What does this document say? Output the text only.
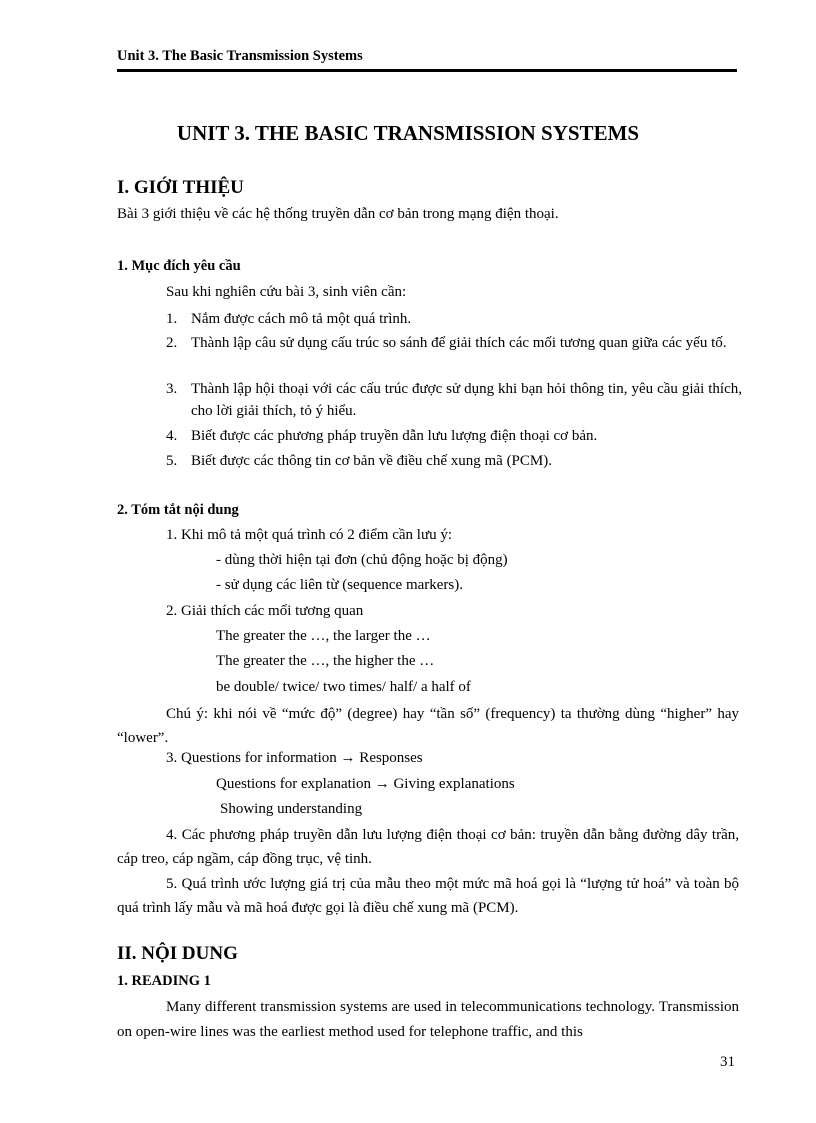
Unit 3. The Basic Transmission Systems
UNIT 3. THE BASIC TRANSMISSION SYSTEMS
I. GIỚI THIỆU
Bài 3 giới thiệu về các hệ thống truyền dẫn cơ bản trong mạng điện thoại.
1. Mục đích yêu cầu
Sau khi nghiên cứu bài 3, sinh viên cần:
1. Nắm được cách mô tả một quá trình.
2. Thành lập câu sử dụng cấu trúc so sánh để giải thích các mối tương quan giữa các yếu tố.
3. Thành lập hội thoại với các cấu trúc được sử dụng khi bạn hỏi thông tin, yêu cầu giải thích, cho lời giải thích, tỏ ý hiểu.
4. Biết được các phương pháp truyền dẫn lưu lượng điện thoại cơ bản.
5. Biết được các thông tin cơ bản về điều chế xung mã (PCM).
2. Tóm tắt nội dung
1. Khi mô tả một quá trình có 2 điểm cần lưu ý:
- dùng thời hiện tại đơn (chủ động hoặc bị động)
- sử dụng các liên từ (sequence markers).
2. Giải thích các mối tương quan
The greater the …, the larger the …
The greater the …, the higher the …
be double/ twice/ two times/ half/ a half of
Chú ý: khi nói về “mức độ” (degree) hay “tần số” (frequency) ta thường dùng “higher” hay “lower”.
3. Questions for information → Responses
Questions for explanation → Giving explanations
Showing understanding
4. Các phương pháp truyền dẫn lưu lượng điện thoại cơ bản: truyền dẫn bằng đường dây trần, cáp treo, cáp ngầm, cáp đồng trục, vệ tinh.
5. Quá trình ước lượng giá trị của mẫu theo một mức mã hoá gọi là “lượng tử hoá” và toàn bộ quá trình lấy mẫu và mã hoá được gọi là điều chế xung mã (PCM).
II. NỘI DUNG
1. READING 1
Many different transmission systems are used in telecommunications technology. Transmission on open-wire lines was the earliest method used for telephone traffic, and this
31
